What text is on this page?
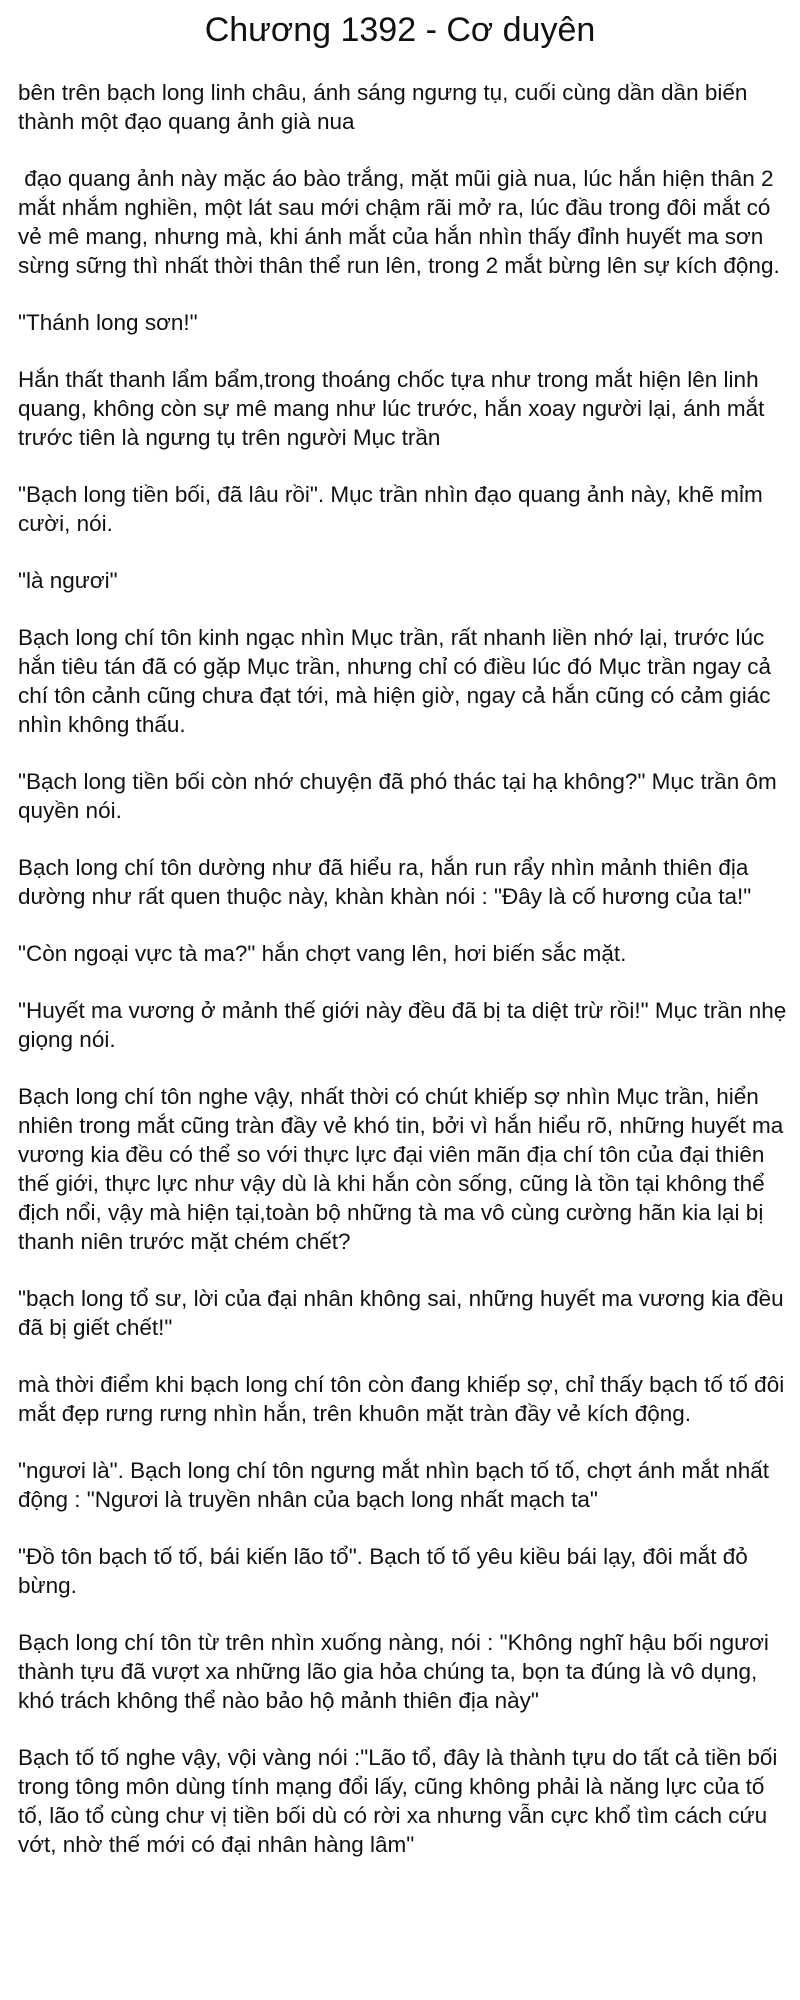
Chương 1392 - Cơ duyên

bên trên bạch long linh châu, ánh sáng ngưng tụ, cuối cùng dần dần biến thành một đạo quang ảnh già nua

đạo quang ảnh này mặc áo bào trắng, mặt mũi già nua, lúc hắn hiện thân 2 mắt nhắm nghiền, một lát sau mới chậm rãi mở ra, lúc đầu trong đôi mắt có vẻ mê mang, nhưng mà, khi ánh mắt của hắn nhìn thấy đỉnh huyết ma sơn sừng sững thì nhất thời thân thể run lên, trong 2 mắt bừng lên sự kích động.

"Thánh long sơn!"

Hắn thất thanh lẩm bẩm,trong thoáng chốc tựa như trong mắt hiện lên linh quang, không còn sự mê mang như lúc trước, hắn xoay người lại, ánh mắt trước tiên là ngưng tụ trên người Mục trần

"Bạch long tiền bối, đã lâu rồi". Mục trần nhìn đạo quang ảnh này, khẽ mỉm cười, nói.

"là ngươi"

Bạch long chí tôn kinh ngạc nhìn Mục trần, rất nhanh liền nhớ lại, trước lúc hắn tiêu tán đã có gặp Mục trần, nhưng chỉ có điều lúc đó Mục trần ngay cả chí tôn cảnh cũng chưa đạt tới, mà hiện giờ, ngay cả hắn cũng có cảm giác nhìn không thấu.

"Bạch long tiền bối còn nhớ chuyện đã phó thác tại hạ không?" Mục trần ôm quyền nói.

Bạch long chí tôn dường như đã hiểu ra, hắn run rẩy nhìn mảnh thiên địa dường như rất quen thuộc này, khàn khàn nói : "Đây là cố hương của ta!"

"Còn ngoại vực tà ma?" hắn chợt vang lên, hơi biến sắc mặt.

"Huyết ma vương ở mảnh thế giới này đều đã bị ta diệt trừ rồi!" Mục trần nhẹ giọng nói.

Bạch long chí tôn nghe vậy, nhất thời có chút khiếp sợ nhìn Mục trần, hiển nhiên trong mắt cũng tràn đầy vẻ khó tin, bởi vì hắn hiểu rõ, những huyết ma vương kia đều có thể so với thực lực đại viên mãn địa chí tôn của đại thiên thế giới, thực lực như vậy dù là khi hắn còn sống, cũng là tồn tại không thể địch nổi, vậy mà hiện tại,toàn bộ những tà ma vô cùng cường hãn kia lại bị thanh niên trước mặt chém chết?

"bạch long tổ sư, lời của đại nhân không sai, những huyết ma vương kia đều đã bị giết chết!"

mà thời điểm khi bạch long chí tôn còn đang khiếp sợ, chỉ thấy bạch tố tố đôi mắt đẹp rưng rưng nhìn hắn, trên khuôn mặt tràn đầy vẻ kích động.

"ngươi là". Bạch long chí tôn ngưng mắt nhìn bạch tố tố, chợt ánh mắt nhất động : "Ngươi là truyền nhân của bạch long nhất mạch ta"

"Đồ tôn bạch tố tố, bái kiến lão tổ". Bạch tố tố yêu kiều bái lạy, đôi mắt đỏ bừng.

Bạch long chí tôn từ trên nhìn xuống nàng, nói : "Không nghĩ hậu bối ngươi thành tựu đã vượt xa những lão gia hỏa chúng ta, bọn ta đúng là vô dụng, khó trách không thể nào bảo hộ mảnh thiên địa này"

Bạch tố tố nghe vậy, vội vàng nói :"Lão tổ, đây là thành tựu do tất cả tiền bối trong tông môn dùng tính mạng đổi lấy, cũng không phải là năng lực của tố tố, lão tổ cùng chư vị tiền bối dù có rời xa nhưng vẫn cực khổ tìm cách cứu vớt, nhờ thế mới có đại nhân hàng lâm"
